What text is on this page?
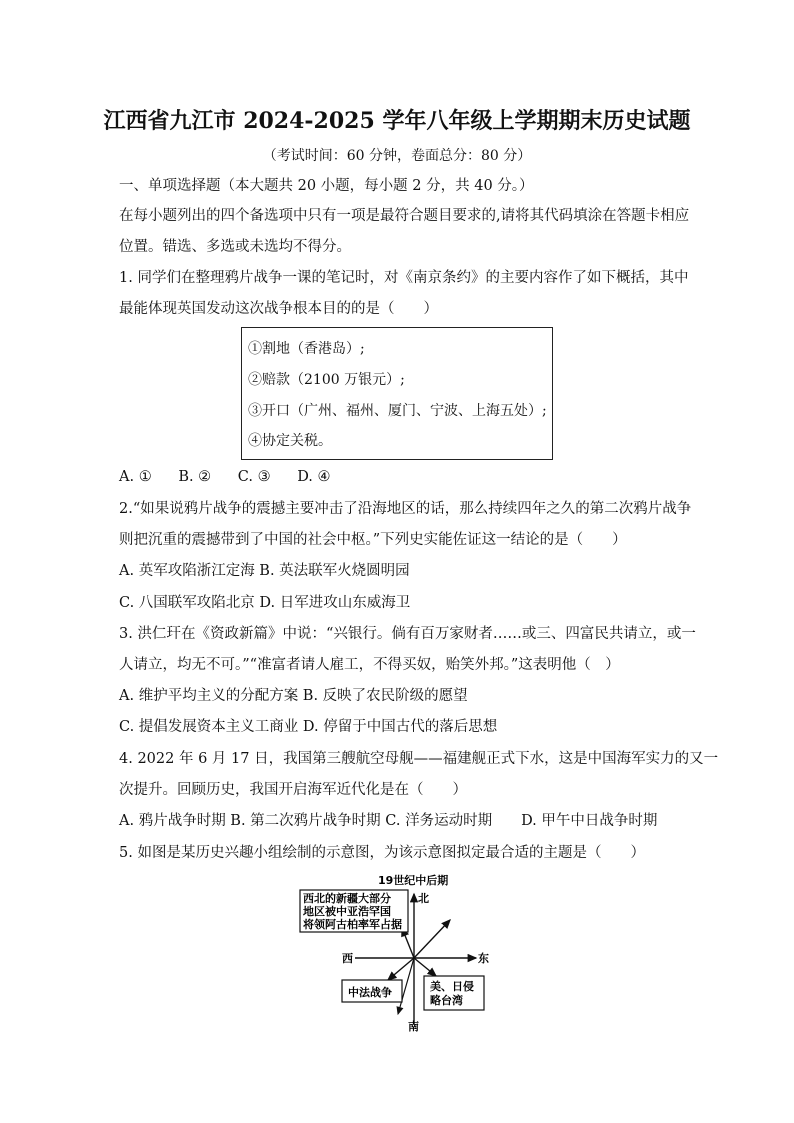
江西省九江市 2024-2025 学年八年级上学期期末历史试题
（考试时间：60 分钟，卷面总分：80 分）
一、单项选择题（本大题共 20 小题，每小题 2 分，共 40 分。）
在每小题列出的四个备选项中只有一项是最符合题目要求的,请将其代码填涂在答题卡相应
位置。错选、多选或未选均不得分。
1. 同学们在整理鸦片战争一课的笔记时，对《南京条约》的主要内容作了如下概括，其中
最能体现英国发动这次战争根本目的的是（　　）
①割地（香港岛）;
②赔款（2100 万银元）;
③开口（广州、福州、厦门、宁波、上海五处）;
④协定关税。
A. ① B. ② C. ③ D. ④
2.“如果说鸦片战争的震撼主要冲击了沿海地区的话，那么持续四年之久的第二次鸦片战争
则把沉重的震撼带到了中国的社会中枢。”下列史实能佐证这一结论的是（　　）
A. 英军攻陷浙江定海 B. 英法联军火烧圆明园
C. 八国联军攻陷北京 D. 日军进攻山东威海卫
3. 洪仁玕在《资政新篇》中说：“兴银行。倘有百万家财者……或三、四富民共请立，或一
人请立，均无不可。”“准富者请人雇工，不得买奴，贻笑外邦。”这表明他（　）
A. 维护平均主义的分配方案 B. 反映了农民阶级的愿望
C. 提倡发展资本主义工商业 D. 停留于中国古代的落后思想
4. 2022 年 6 月 17 日，我国第三艘航空母舰——福建舰正式下水，这是中国海军实力的又一
次提升。回顾历史，我国开启海军近代化是在（　　）
A. 鸦片战争时期 B. 第二次鸦片战争时期 C. 洋务运动时期　　D. 甲午中日战争时期
5. 如图是某历史兴趣小组绘制的示意图，为该示意图拟定最合适的主题是（　　）
19世纪中后期
北
南
东
西
西北的新疆大部分
地区被中亚浩罕国
将领阿古柏率军占据
中法战争	美、日侵
略台湾
